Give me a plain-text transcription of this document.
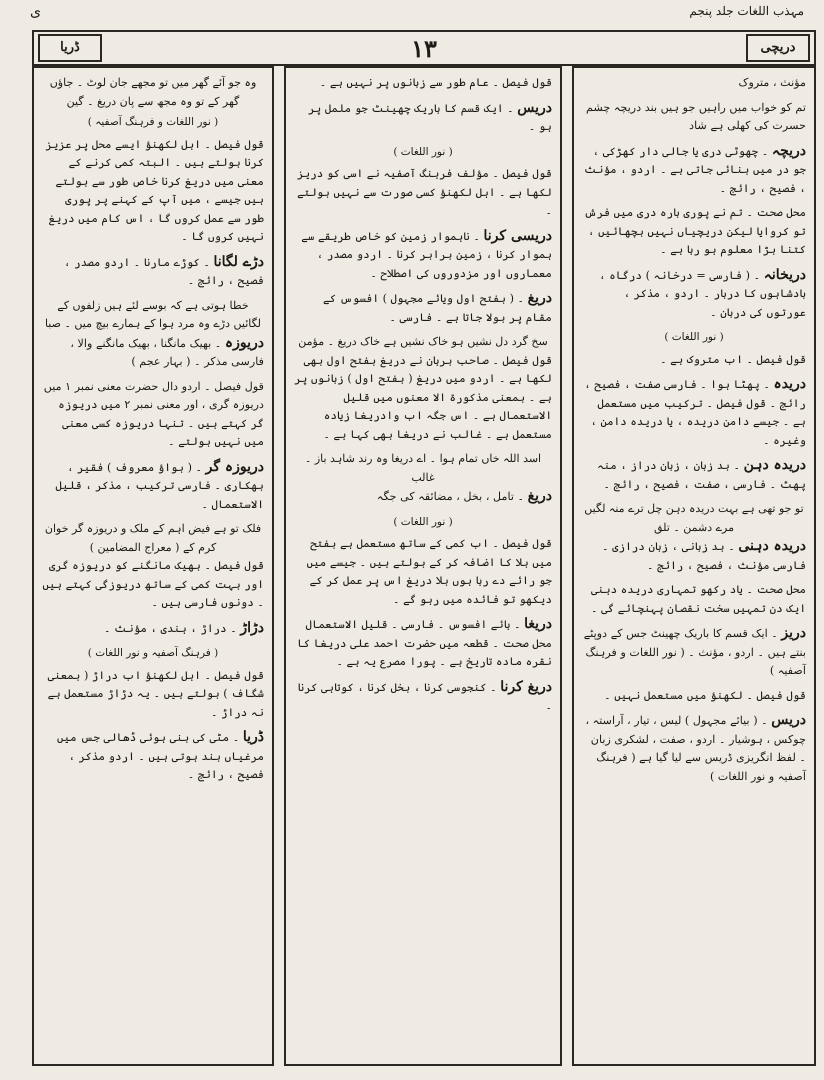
ی	مہذب اللغات جلد پنجم
ڈریا	۱۳	دریچی
مؤنث ، متروک
تم کو خواب میں راہیں جو ہیں بند دریچہ چشم حسرت کی کھلی ہے شاد
دریچہ ۔ چھوٹی دری یا جالی دار کھڑکی ، جو در میں بنائی جاتی ہے ۔ اردو ، مؤنث ، فصیح ، رائج ۔
محل صحت ۔ تم نے پوری بارہ دری میں فرش تو کروایا لیکن دریچیاں نہیں بچھائیں ، کتنا بڑا معلوم ہو رہا ہے ۔
دریخانہ ۔ ( فارسی = درخانہ ) درگاہ ، بادشاہوں کا دربار ۔ اردو ، مذکر ، عورتوں کی دربان ۔
( نور اللغات )
قول فیصل ۔ اب متروک ہے ۔
دریدہ ۔ پھٹا ہوا ۔ فارسی صفت ، فصیح ، رائج ۔ قول فیصل ۔ ترکیب میں مستعمل ہے ۔ جیسے دامن دریدہ ، یا دریدہ دامن ، وغیرہ ۔
دریدہ دہن ۔ بد زبان ، زبان دراز ، منہ پھٹ ۔ فارسی ، صفت ، فصیح ، رائج ۔
تو جو تھی ہے بہت دریدہ دہن چل ترے منہ لگیں مرے دشمن ۔ تلق
دریدہ دہنی ۔ بد زبانی ، زبان درازی ۔ فارسی مؤنث ، فصیح ، رائج ۔
محل صحت ۔ یاد رکھو تمہاری دریدہ دہنی ایک دن تمہیں سخت نقصان پہنچائے گی ۔
دریز ۔ ایک قسم کا باریک چھینٹ جس کے دوپٹے بنتے ہیں ۔ اردو ، مؤنث ۔ ( نور اللغات و فرہنگ آصفیہ )
قول فیصل ۔ لکھنؤ میں مستعمل نہیں ۔
دریس ۔ ( بیائے مجہول ) لیس ، تیار ، آراستہ ، چوکس ، ہوشیار ۔ اردو ، صفت ، لشکری زبان ۔ لفظ انگریزی ڈریس سے لیا گیا ہے ( فرہنگ آصفیہ و نور اللغات )
قول فیصل ۔ عام طور سے زبانوں پر نہیں ہے ۔
دریس ۔ ایک قسم کا باریک چھینٹ جو ململ پر ہو ۔
( نور اللغات )
قول فیصل ۔ مؤلف فرہنگ آصفیہ نے اسی کو دریز لکھا ہے ۔ اہل لکھنؤ کسی صورت سے نہیں بولتے ۔
دریسی کرنا ۔ ناہموار زمین کو خاص طریقے سے ہموار کرنا ، زمین برابر کرنا ۔ اردو مصدر ، معماروں اور مزدوروں کی اصطلاح ۔
دریغ ۔ ( بفتح اول ویائے مجہول ) افسوس کے مقام پر بولا جاتا ہے ۔ فارسی ۔
سخ گرد دل نشیں ہو خاک نشیں ہے خاک دریغ ۔ مؤمن
قول فیصل ۔ صاحب برہان نے دریغ بفتح اول بھی لکھا ہے ۔ اردو میں دریغ ( بفتح اول ) زبانوں پر ہے ۔ بمعنی مذکورۃ الا معنوں میں قلیل الاستعمال ہے ۔ اس جگہ اب وادریغا زیادہ مستعمل ہے ۔ غالب نے دریغا بھی کہا ہے ۔
اسد اللہ خاں تمام ہوا ۔ اے دریغا وہ رند شاہد باز ۔ غالب
دریغ ۔ تامل ، بخل ، مضائقہ کی جگہ
( نور اللغات )
قول فیصل ۔ اب کمی کے ساتھ مستعمل ہے بفتح میں بلا کا اضافہ کر کے بولتے ہیں ۔ جیسے میں جو رائے دے رہا ہوں بلا دریغ اس پر عمل کر کے دیکھو تو فائدہ میں رہو گے ۔
دریغا ۔ ہائے افسوس ۔ فارسی ۔ قلیل الاستعمال محل صحت ۔ قطعہ میں حضرت احمد علی دریغا کا نقرہ مادہ تاریخ ہے ۔ پورا مصرع یہ ہے ۔
دریغ کرنا ۔ کنجوسی کرنا ، بخل کرنا ، کوتاہی کرنا ۔
وہ جو آئے گھر میں تو مجھے جان لوٹ ۔ جاؤں گھر کے تو وہ مجھ سے پان دریغ ۔ گین
( نور اللغات و فرہنگ آصفیہ )
قول فیصل ۔ اہل لکھنؤ ایسے محل پر عزیز کرنا بولتے ہیں ۔ البتہ کمی کرنے کے معنی میں دریغ کرنا خاص طور سے بولتے ہیں جیسے ، میں آپ کے کہنے پر پوری طور سے عمل کروں گا ، اس کام میں دریغ نہیں کروں گا ۔
دڑے لگانا ۔ کوڑے مارنا ۔ اردو مصدر ، فصیح ، رائج ۔
خطا ہوتی ہے کہ بوسے لئے ہیں زلفوں کے لگائیں دڑے وہ مرد ہوا کے ہمارے بیچ میں ۔ صبا
دریوزہ ۔ بھیک مانگنا ، بھیک مانگنے والا ، فارسی مذکر ۔ ( بہار عجم )
قول فیصل ۔ اردو دال حضرت معنی نمبر ۱ میں دریوزہ گری ، اور معنی نمبر ۲ میں دریوزہ گر کہتے ہیں ۔ تنہا دریوزہ کسی معنی میں نہیں بولتے ۔
دریوزہ گر ۔ ( بواؤ معروف ) فقیر ، بھکاری ۔ فارسی ترکیب ، مذکر ، قلیل الاستعمال ۔
فلک تو ہے فیض اہم کے ملک و دریوزہ گر خوان کرم کے ( معراج المضامین )
قول فیصل ۔ بھیک مانگنے کو دریوزہ گری اور بہت کمی کے ساتھ دریوزگی کہتے ہیں ۔ دونوں فارسی ہیں ۔
دڑاڑ ۔ دراڑ ، ہندی ، مؤنث ۔
( فرہنگ آصفیہ و نور اللغات )
قول فیصل ۔ اہل لکھنؤ اب دراڑ ( بمعنی شگاف ) بولتے ہیں ۔ یہ دڑاڑ مستعمل ہے نہ دراڑ ۔
ڈریا ۔ مٹی کی بنی ہوئی ڈھالی جس میں مرغیاں بند ہوتی ہیں ۔ اردو مذکر ، فصیح ، رائج ۔
